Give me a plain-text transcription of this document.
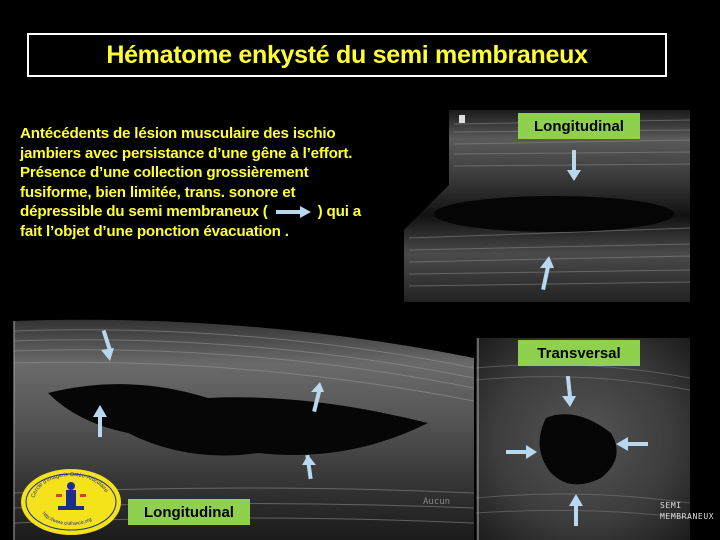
Hématome enkysté du semi membraneux
Antécédents de lésion musculaire des ischio
jambiers avec persistance d’une gêne à l’effort.
Présence d’une collection grossièrement
fusiforme, bien limitée, trans. sonore et
dépressible du semi membraneux (	) qui a
fait l’objet d’une ponction évacuation .
Longitudinal
Aucun
Longitudinal
Transversal
SEMI
MEMBRANEUX
Cercle d'Imagerie Ostéo-Articulaire
http://www.ciofrance.org
